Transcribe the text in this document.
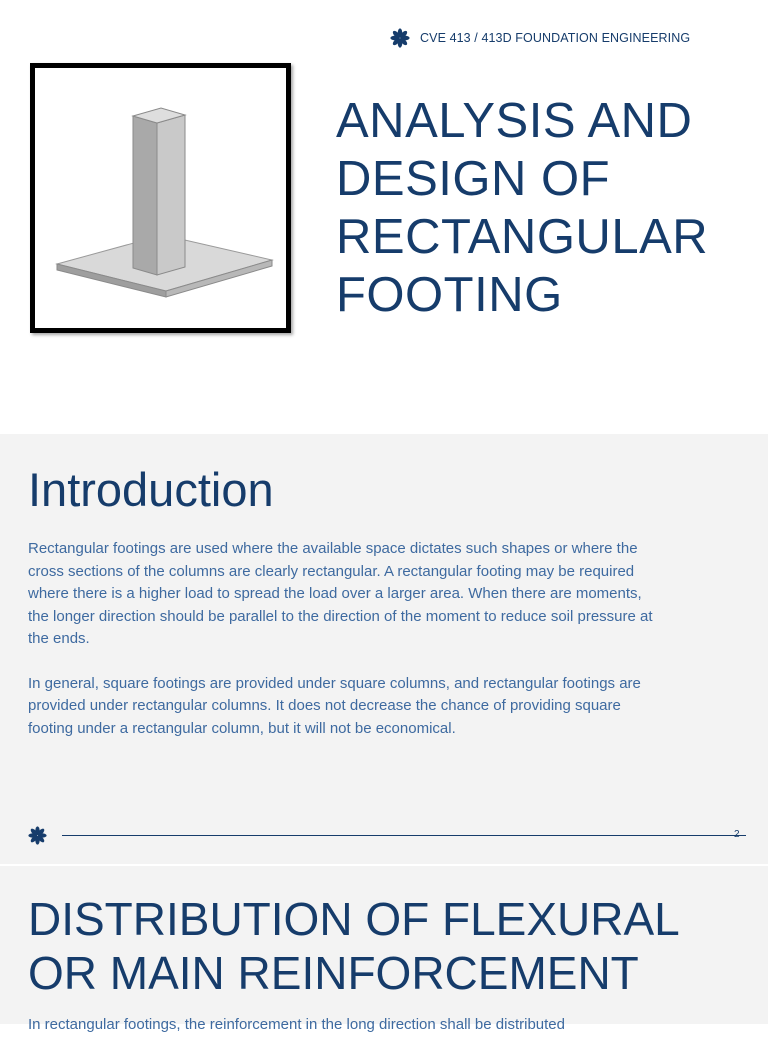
CVE 413 / 413D FOUNDATION ENGINEERING
ANALYSIS AND
DESIGN OF
RECTANGULAR
FOOTING
Introduction

Rectangular footings are used where the available space dictates such shapes or where the cross sections of the columns are clearly rectangular. A rectangular footing may be required where there is a higher load to spread the load over a larger area. When there are moments, the longer direction should be parallel to the direction of the moment to reduce soil pressure at the ends.

In general, square footings are provided under square columns, and rectangular footings are provided under rectangular columns. It does not decrease the chance of providing square footing under a rectangular column, but it will not be economical.

2
DISTRIBUTION OF FLEXURAL
OR MAIN REINFORCEMENT

In rectangular footings, the reinforcement in the long direction shall be distributed
